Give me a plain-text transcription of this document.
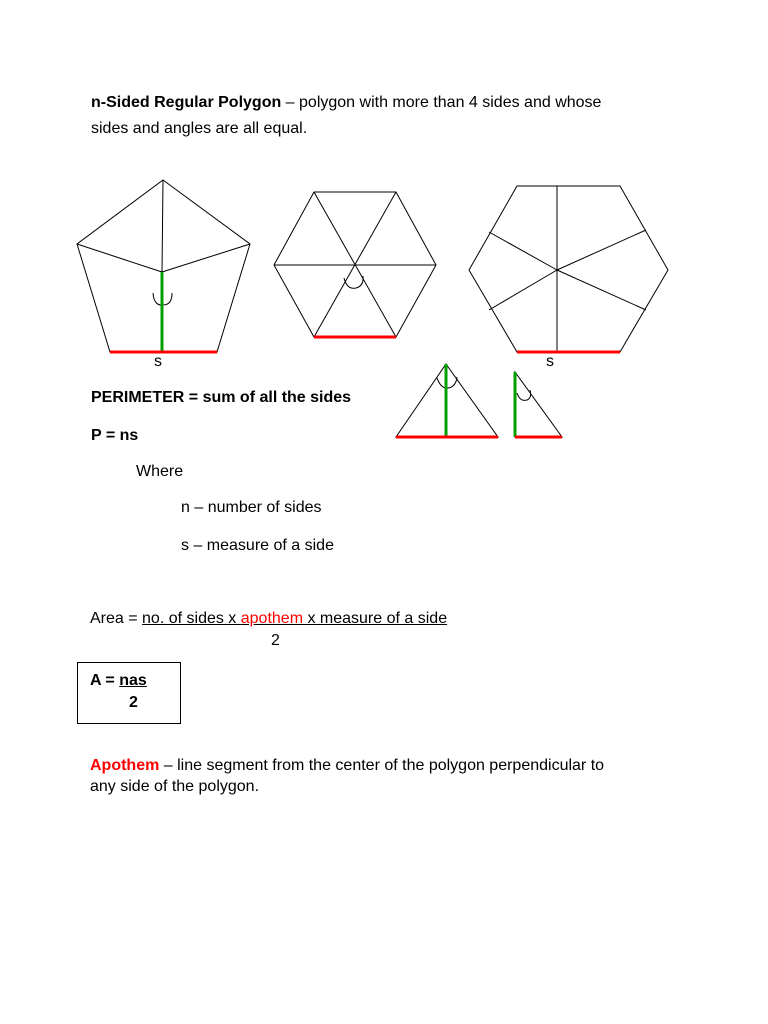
n-Sided Regular Polygon – polygon with more than 4 sides and whose
sides and angles are all equal.
s	s
PERIMETER = sum of all the sides
P = ns
Where
n – number of sides
s – measure of a side
Area = no. of sides x apothem x measure of a side
2
A = nas
2
Apothem – line segment from the center of the polygon perpendicular to
any side of the polygon.
